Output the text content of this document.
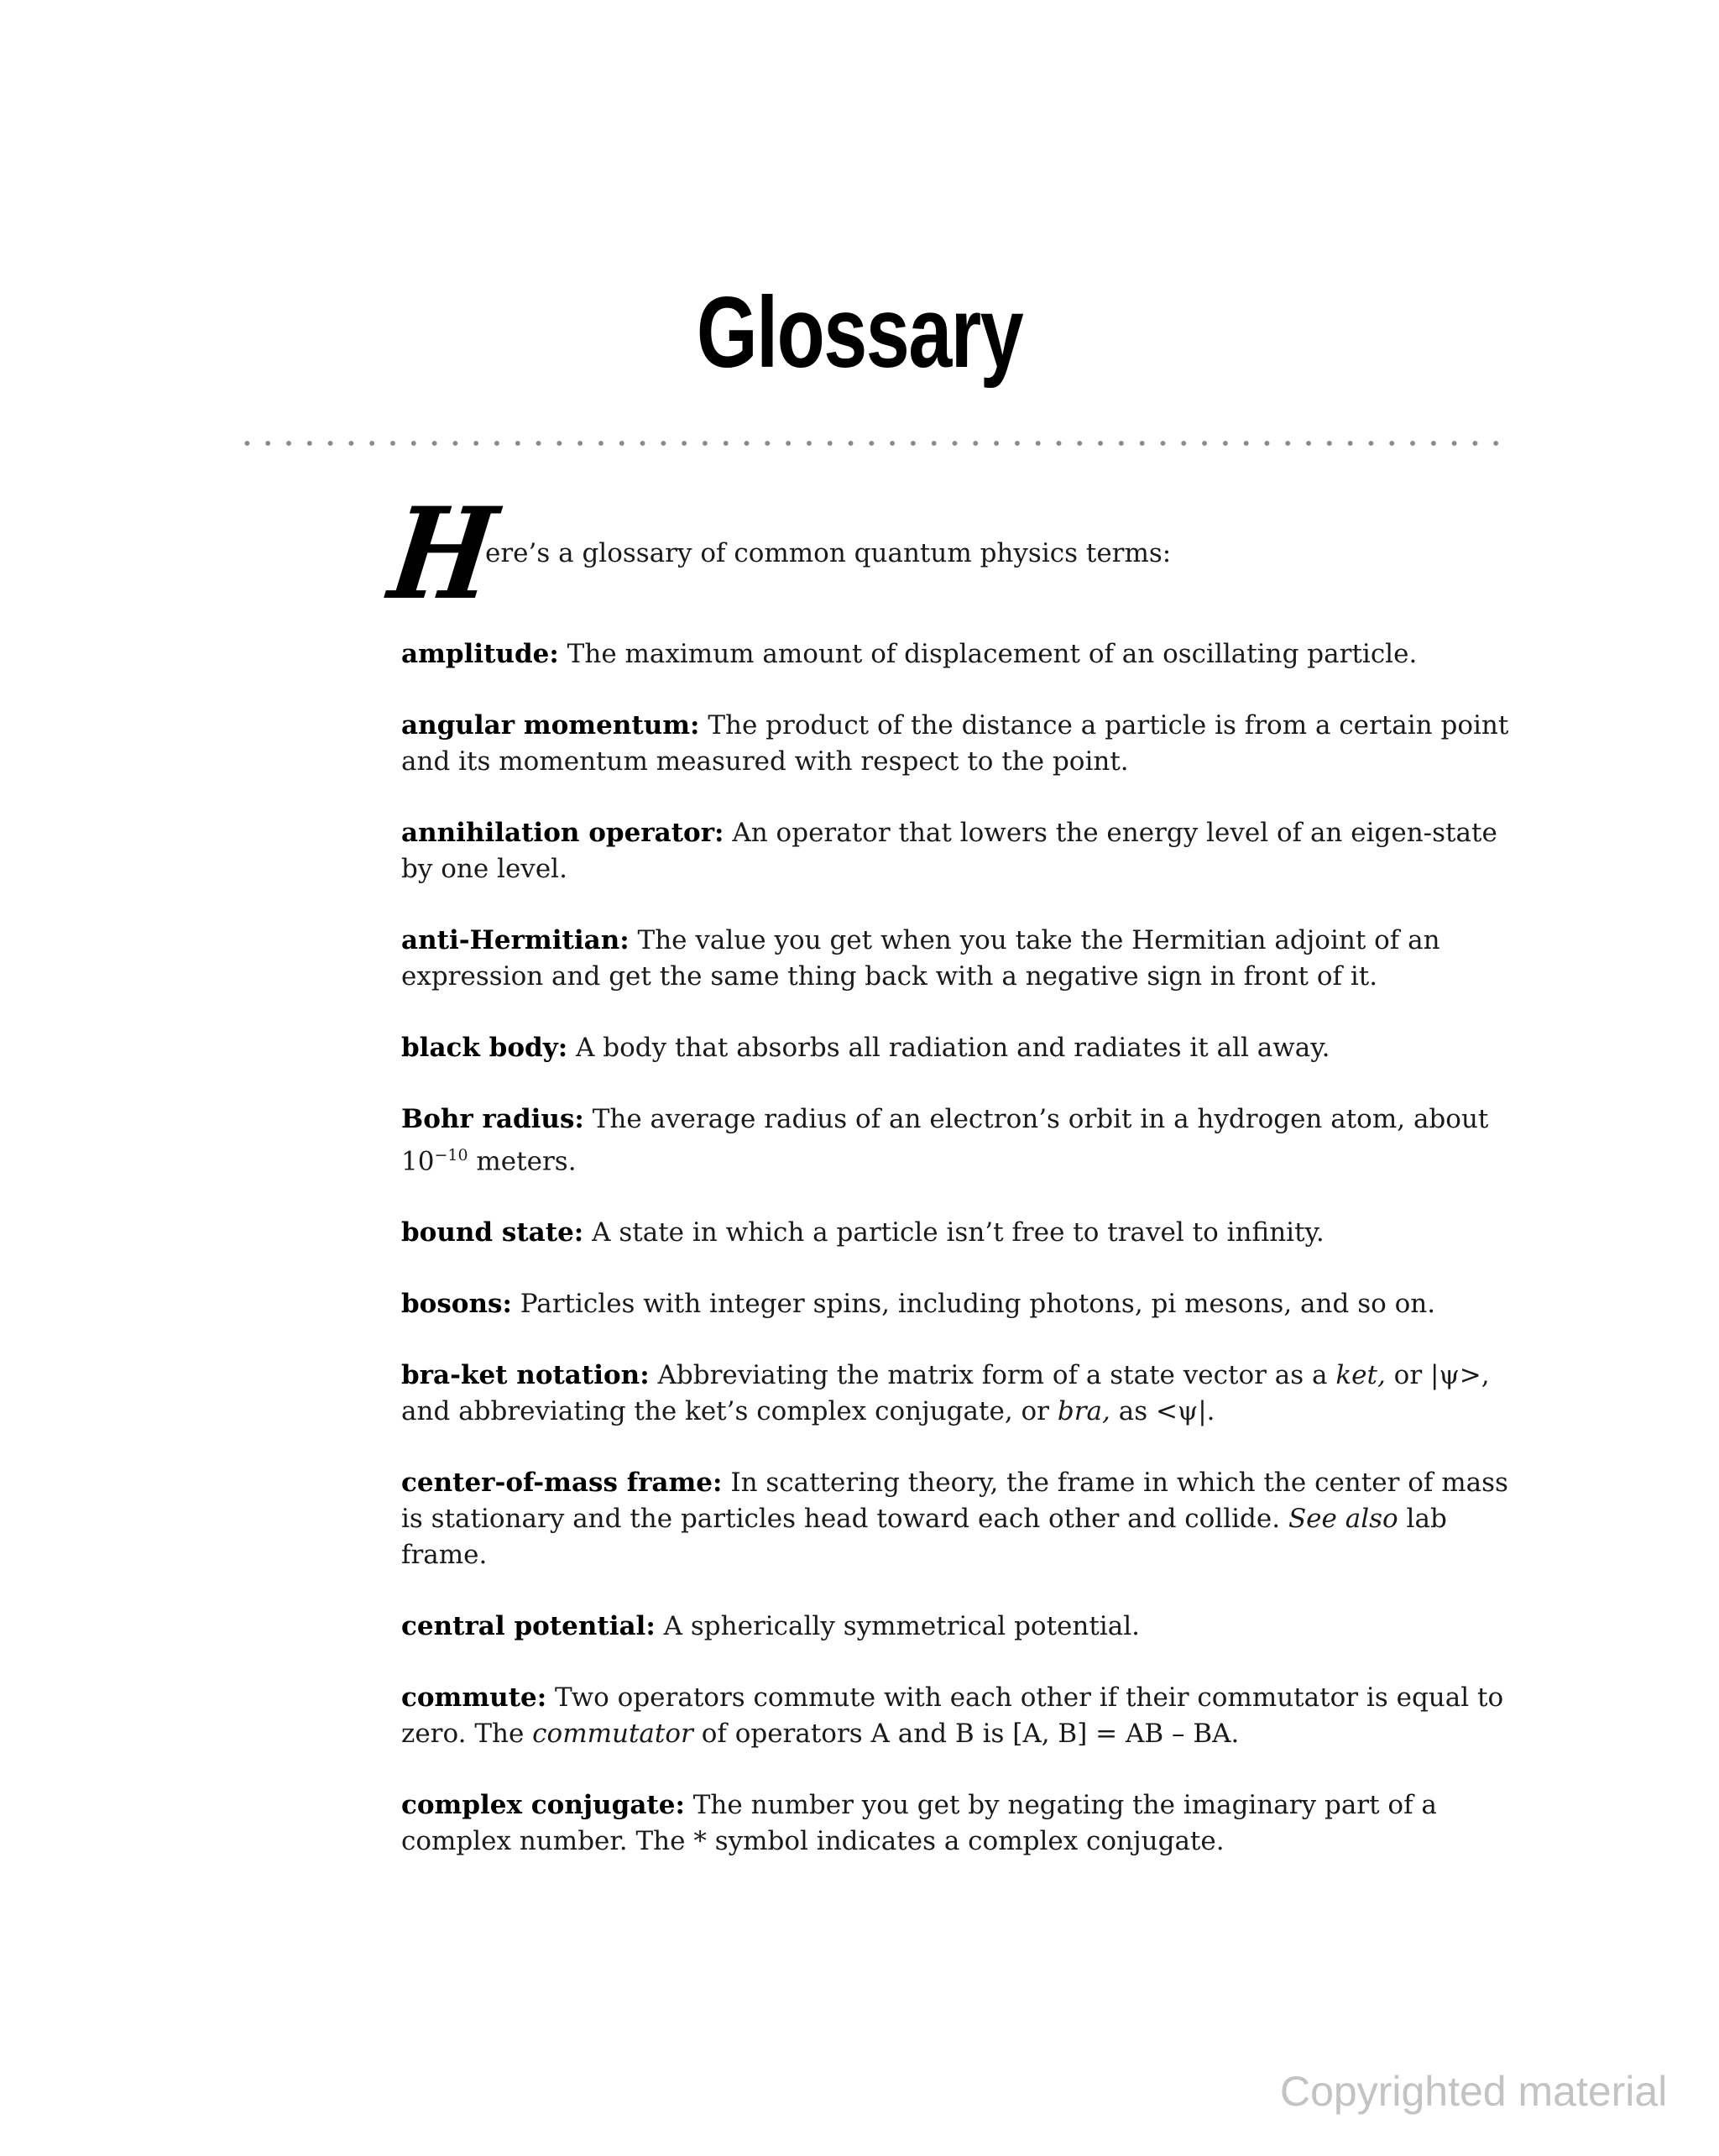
Glossary
H
ere’s a glossary of common quantum physics terms:
amplitude: The maximum amount of displacement of an oscillating particle.
angular momentum: The product of the distance a particle is from a certain point and its momentum measured with respect to the point.
annihilation operator: An operator that lowers the energy level of an eigen-state by one level.
anti-Hermitian: The value you get when you take the Hermitian adjoint of an expression and get the same thing back with a negative sign in front of it.
black body: A body that absorbs all radiation and radiates it all away.
Bohr radius: The average radius of an electron’s orbit in a hydrogen atom, about $10^{-10}$ meters.
bound state: A state in which a particle isn’t free to travel to infinity.
bosons: Particles with integer spins, including photons, pi mesons, and so on.
bra-ket notation: Abbreviating the matrix form of a state vector as a ket, or |ψ>, and abbreviating the ket’s complex conjugate, or bra, as <ψ|.
center-of-mass frame: In scattering theory, the frame in which the center of mass is stationary and the particles head toward each other and collide. See also lab frame.
central potential: A spherically symmetrical potential.
commute: Two operators commute with each other if their commutator is equal to zero. The commutator of operators A and B is [A, B] = AB – BA.
complex conjugate: The number you get by negating the imaginary part of a complex number. The * symbol indicates a complex conjugate.
Copyrighted material
